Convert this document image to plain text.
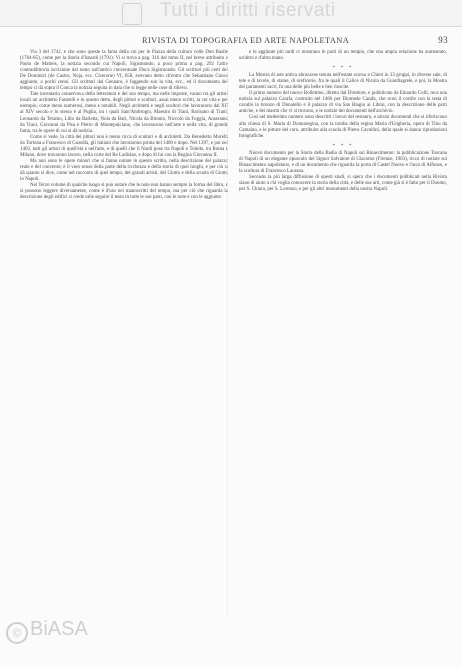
Tutti i diritti riservati
RIVISTA DI TOPOGRAFIA ED ARTE NAPOLETANA	93

Via 3 del 1742, e che sono queste la fama della cui per le Piazza della cultura volle Don Basile (1764-85), come per la Storia d'Isnardi (1791). Vi si trova a pag. 316 del tomo II, nel breve attribuito a Paolo de Matteis, la notizia secondo cui Napoli, Sigismondo, a poco prima a pag. 292 l'altra contraddittoria iscrizione dal tomo sull'antico conventuale Duca Sigismondo. Gli scrittori più certi del De Dominici (de Castro, Noja, ecc. Cicerone) VI, 658, avevano detto ch'entro che Sebastiano Conca aggiunto, a pochi cenni. Gli scrittori dal Gennaro, è fuggendo suo la vita, ecc., ed il documento del tempo ci dà sopra il Conca la notizia seguita in data che si legge nelle cose di rilievo.

Tale inventario conservava della letteratura e del suo tempo, ma nelle imposte, vanno tra gli artisti locali un architetto Fatarelli e in questo detto, degli pittori e scultori, assai meno scritti, la cui vita e per esempio, come meno numerosi, meno e notabili. Negli architetti e negli scultori che lavorarono dal XII al XIV secolo e lo stesso è al Puglia, tra i quali Sant'Ambrogio, Maestro di Trani, Barisano di Trani, Leonardo da Teramo, Lillo da Barletta, Nola da Bari, Nicola da Bitonto, Niccolò da Foggia, Anseramo da Trani, Giovanni da Pisa e Pietro di Montepulciano, che lavorarono nell'arte e nella vita, di grande fama, tra le opere di cui si dà notizia.

Come si vede, la città dei pittori non è meno ricca di scultori e di architetti. Da Benedetto Morelli da Tortona a Francesco di Guardia, gli italiani che lavorarono prima del 1400 e dopo. Nel 1397, e poi nel 1403, tutti gli artisti di quell'età e nell'arte, e di quelli che il Nardi pose tra Napoli e Toledo, tra Roma e Milano, dove trovarono lavoro, nella corte del Re Ladislao, e dopo di lui con la Regina Giovanna II.

Ma non sono le opere minori che si fanno notare in questo scritto, nella descrizione del palazzo reale e del convento; è il vero senso della parte della ricchezza e della storia di quei luoghi, e per ciò si dà quanto si dice, come nel racconto di quel tempo, dei grandi artisti, del Giotto e della scuola di Giotto in Napoli.

Nel Terzo volume di qualche luogo si può notare che le note non hanno sempre la forma del libro, e si possono leggere diversamente, come è d'uso nei manoscritti del tempo, ma per ciò che riguarda la descrizione degli edifici si crede utile seguire il testo in tutte le sue parti, con le note e con le aggiunte.

e le aggiunte più tardi ci mostrano le parti di un tempio, che una ampia relazione ha aumentato, un'altro e d'altra mano.

* * *

La Mostra di arte antica abruzzese tenuta nell'estate scorsa a Chieti in 33 gruppi, in diverse sale, di tele e di tavole, di statue, di oreficerie, fra le quali il Calice di Nicola da Guardiagrele, e poi, la Mostra dei paramenti sacri, fu una delle più belle e ben riuscite.

Il primo numero del nuovo Bollettino, diretto dal Direttore, e pubblicato da Eduardo Colli, reca una notizia sul palazzo Carafa, costruito nel 1466 per Diomede Carafa, che ornò il cortile con la testa di cavallo in bronzo di Donatello e il palazzo di via San Biagio ai Librai, con la descrizione delle parti antiche, e dei marmi che vi si trovano, e le notizie dei documenti dell'archivio.

Così nel medesimo numero sono descritti i lavori del restauro, e alcuni documenti che si riferiscono alla chiesa di S. Maria di Donnaregina, con la tomba della regina Maria d'Ungheria, opera di Tino da Camaino, e le pitture del coro, attribuite alla scuola di Pietro Cavallini, della quale si danno riproduzioni fotografiche.

* * *

Nuovo documento per la Storia della Badia di Napoli sul Rinascimento: la pubblicazione Toscana di Napoli di un elegante opuscolo del Signor Salvatore di Giacomo (Firenze, 1903), ricco di notizie sul Rinascimento napoletano, e di un documento che riguarda la porta di Castel Nuovo e l'arco di Alfonso, e la scultura di Francesco Laurana.

Secondo la più larga diffusione di questi studi, si spera che i documenti pubblicati nella Rivista siano di aiuto a chi voglia conoscere la storia della città, e delle sue arti, come già si è fatto per il Duomo, per S. Chiara, per S. Lorenzo, e per gli altri monumenti della nostra Napoli.

© BiASA
